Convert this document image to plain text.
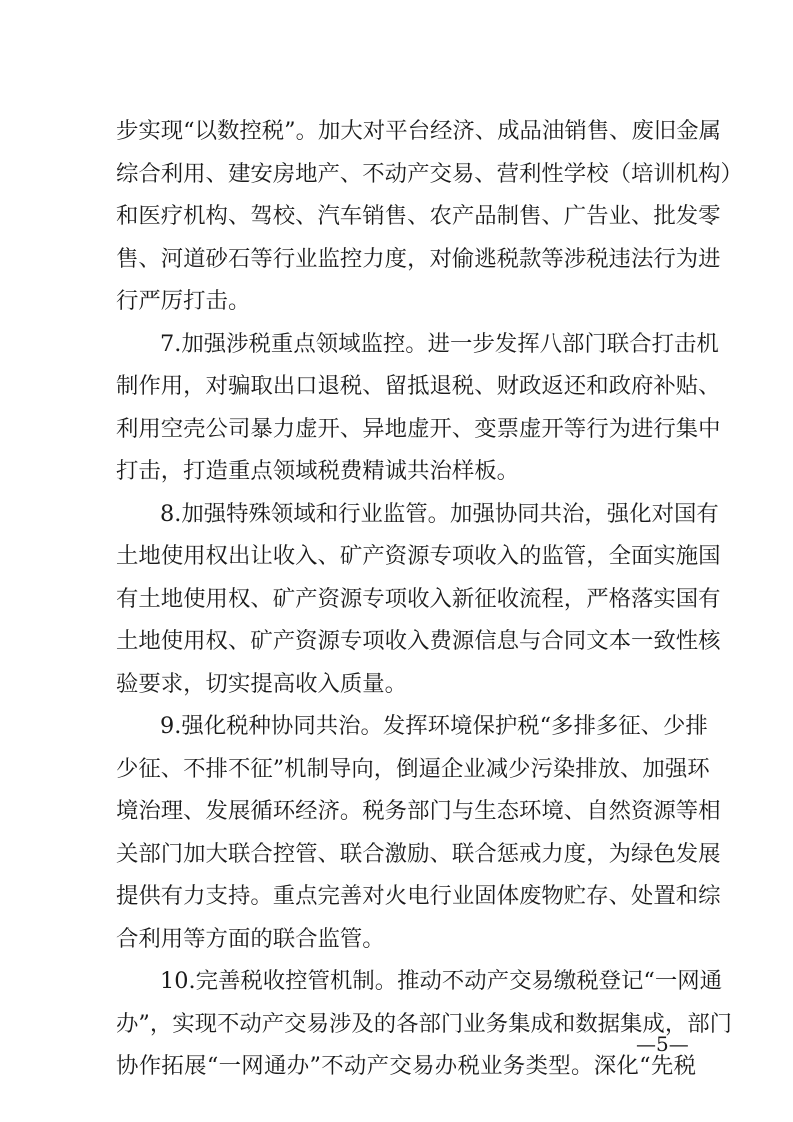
步实现“以数控税”。加大对平台经济、成品油销售、废旧金属
综合利用、建安房地产、不动产交易、营利性学校（培训机构）
和医疗机构、驾校、汽车销售、农产品制售、广告业、批发零
售、河道砂石等行业监控力度，对偷逃税款等涉税违法行为进
行严厉打击。
7.加强涉税重点领域监控。进一步发挥八部门联合打击机
制作用，对骗取出口退税、留抵退税、财政返还和政府补贴、
利用空壳公司暴力虚开、异地虚开、变票虚开等行为进行集中
打击，打造重点领域税费精诚共治样板。
8.加强特殊领域和行业监管。加强协同共治，强化对国有
土地使用权出让收入、矿产资源专项收入的监管，全面实施国
有土地使用权、矿产资源专项收入新征收流程，严格落实国有
土地使用权、矿产资源专项收入费源信息与合同文本一致性核
验要求，切实提高收入质量。
9.强化税种协同共治。发挥环境保护税“多排多征、少排
少征、不排不征”机制导向，倒逼企业减少污染排放、加强环
境治理、发展循环经济。税务部门与生态环境、自然资源等相
关部门加大联合控管、联合激励、联合惩戒力度，为绿色发展
提供有力支持。重点完善对火电行业固体废物贮存、处置和综
合利用等方面的联合监管。
10.完善税收控管机制。推动不动产交易缴税登记“一网通
办”，实现不动产交易涉及的各部门业务集成和数据集成，部门
协作拓展“一网通办”不动产交易办税业务类型。深化“先税
—5—
